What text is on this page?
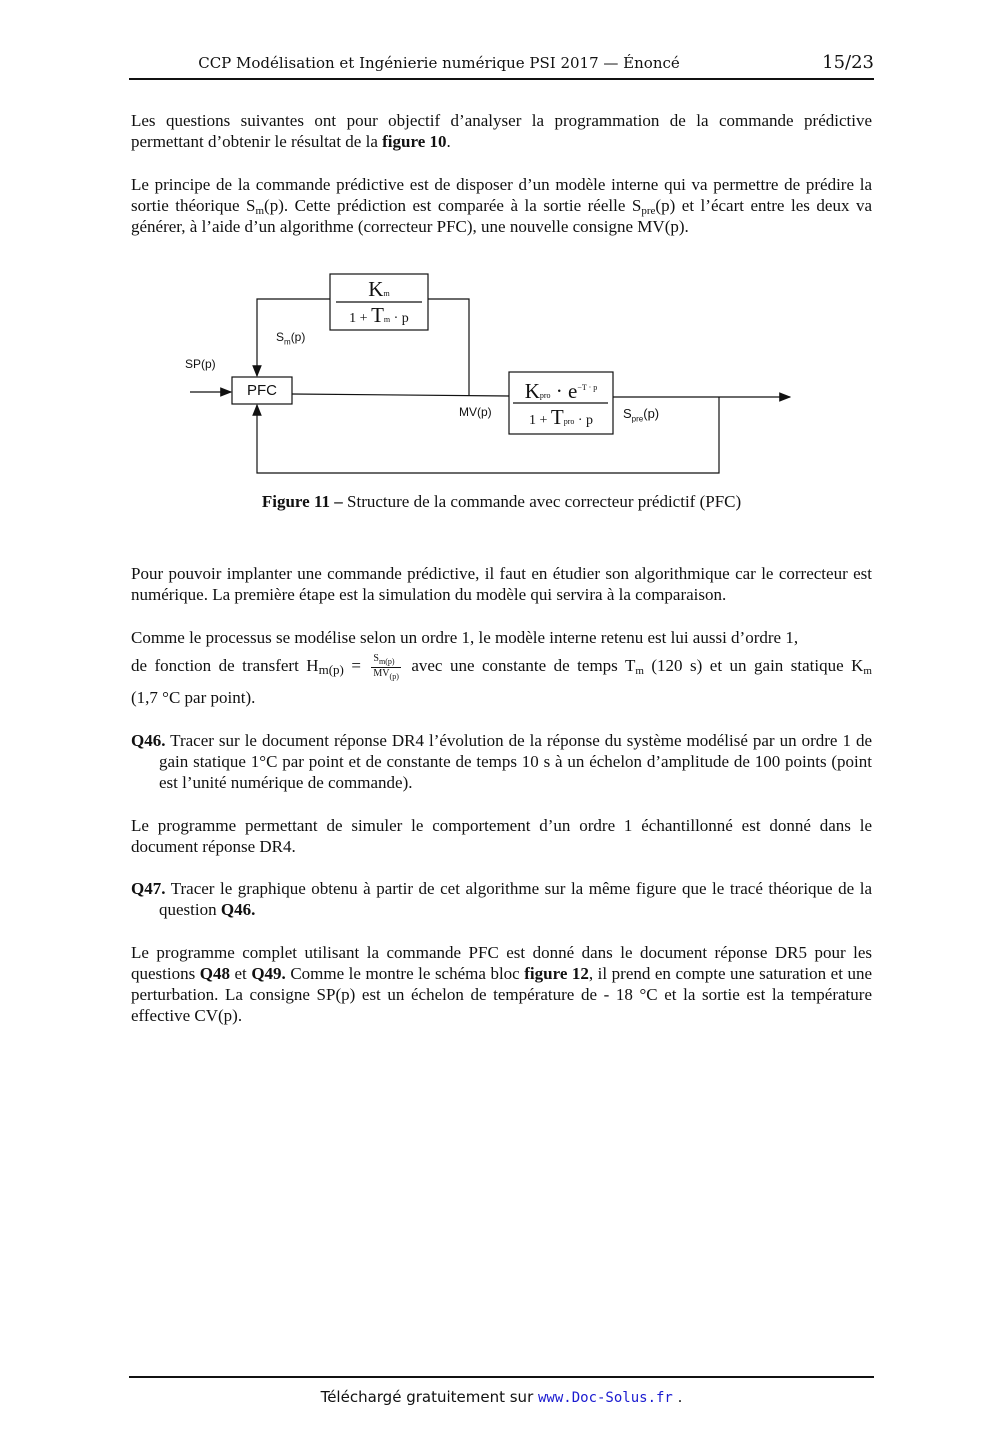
CCP Modélisation et Ingénierie numérique PSI 2017 — Énoncé	15/23

Les questions suivantes ont pour objectif d’analyser la programmation de la commande prédictive permettant d’obtenir le résultat de la figure 10.

Le principe de la commande prédictive est de disposer d’un modèle interne qui va permettre de prédire la sortie théorique $S_m(p)$. Cette prédiction est comparée à la sortie réelle $S_{pre}(p)$ et l’écart entre les deux va générer, à l’aide d’un algorithme (correcteur PFC), une nouvelle consigne MV(p).

Km
1 + Tm · p
Kpro · $e^{-T \cdot p}$
1 + Tpro · p
PFC
SP(p)
$S_m(p)$
MV(p)	$S_{pre}(p)$
Figure 11 – Structure de la commande avec correcteur prédictif (PFC)

Pour pouvoir implanter une commande prédictive, il faut en étudier son algorithmique car le correcteur est numérique. La première étape est la simulation du modèle qui servira à la comparaison.

Comme le processus se modélise selon un ordre 1, le modèle interne retenu est lui aussi d’ordre 1,

de fonction de transfert $H_{m(p)} = \frac{S_{m(p)}}{MV_{(p)}}$ avec une constante de temps $T_m$ (120 s) et un gain statique $K_m$

(1,7 °C par point).

Q46. Tracer sur le document réponse DR4 l’évolution de la réponse du système modélisé par un ordre 1 de gain statique 1°C par point et de constante de temps 10 s à un échelon d’amplitude de 100 points (point est l’unité numérique de commande).

Le programme permettant de simuler le comportement d’un ordre 1 échantillonné est donné dans le document réponse DR4.

Q47. Tracer le graphique obtenu à partir de cet algorithme sur la même figure que le tracé théorique de la question Q46.

Le programme complet utilisant la commande PFC est donné dans le document réponse DR5 pour les questions Q48 et Q49. Comme le montre le schéma bloc figure 12, il prend en compte une saturation et une perturbation. La consigne SP(p) est un échelon de température de - 18 °C et la sortie est la température effective CV(p).

Téléchargé gratuitement sur www.Doc-Solus.fr .
